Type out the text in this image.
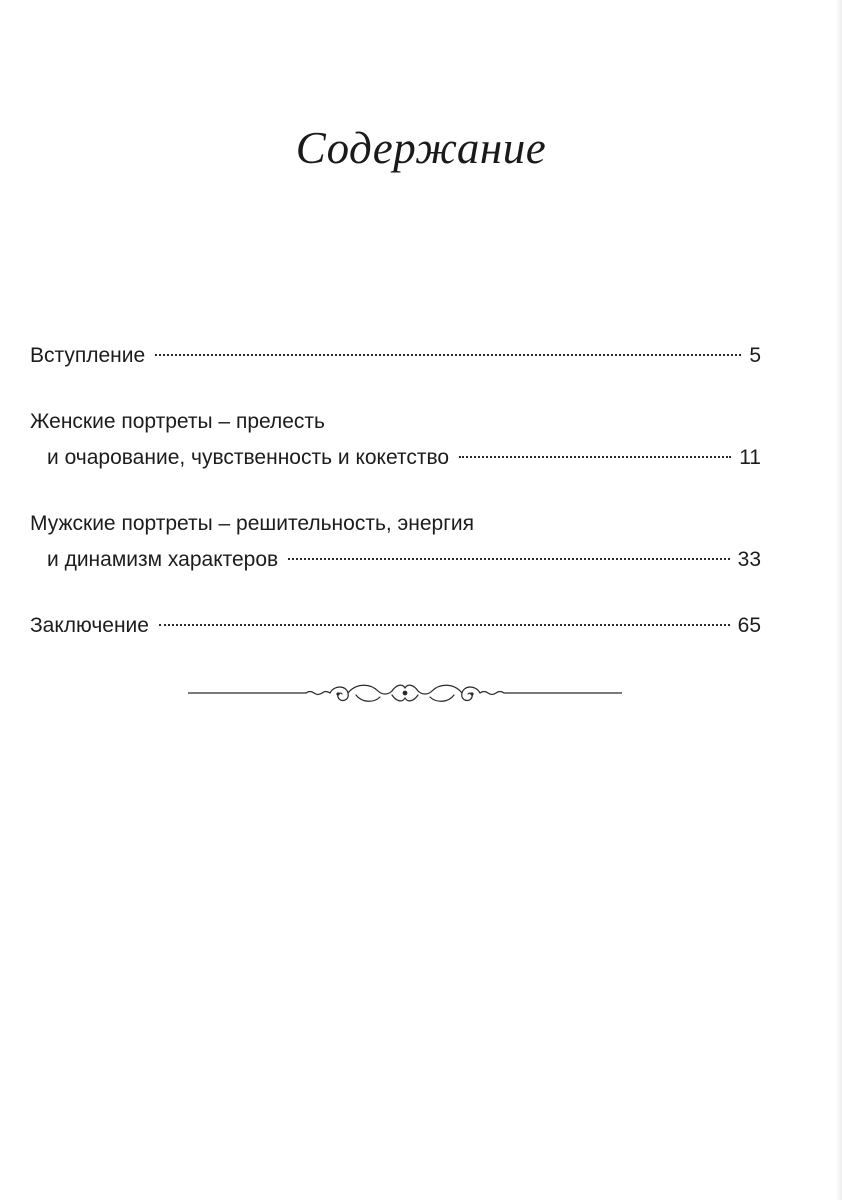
Содержание
Вступление	5
Женские портреты – прелесть
и очарование, чувственность и кокетство	11
Мужские портреты – решительность, энергия
и динамизм характеров	33
Заключение	65
